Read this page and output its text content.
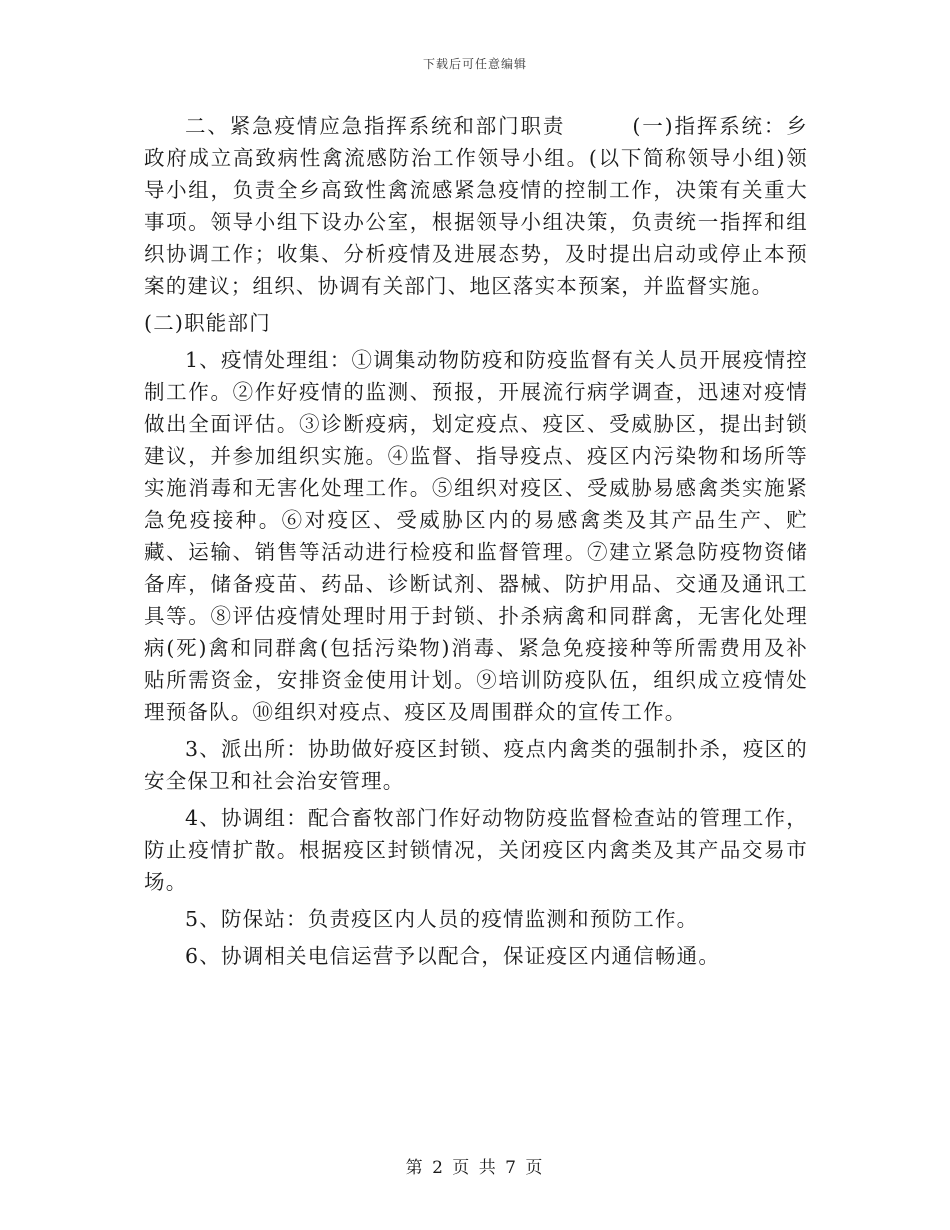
下载后可任意编辑

二、紧急疫情应急指挥系统和部门职责　　　(一)指挥系统：乡政府成立高致病性禽流感防治工作领导小组。(以下简称领导小组)领导小组，负责全乡高致性禽流感紧急疫情的控制工作，决策有关重大事项。领导小组下设办公室，根据领导小组决策，负责统一指挥和组织协调工作；收集、分析疫情及进展态势，及时提出启动或停止本预案的建议；组织、协调有关部门、地区落实本预案，并监督实施。

(二)职能部门

1、疫情处理组：①调集动物防疫和防疫监督有关人员开展疫情控制工作。②作好疫情的监测、预报，开展流行病学调查，迅速对疫情做出全面评估。③诊断疫病，划定疫点、疫区、受威胁区，提出封锁建议，并参加组织实施。④监督、指导疫点、疫区内污染物和场所等实施消毒和无害化处理工作。⑤组织对疫区、受威胁易感禽类实施紧急免疫接种。⑥对疫区、受威胁区内的易感禽类及其产品生产、贮藏、运输、销售等活动进行检疫和监督管理。⑦建立紧急防疫物资储备库，储备疫苗、药品、诊断试剂、器械、防护用品、交通及通讯工具等。⑧评估疫情处理时用于封锁、扑杀病禽和同群禽，无害化处理病(死)禽和同群禽(包括污染物)消毒、紧急免疫接种等所需费用及补贴所需资金，安排资金使用计划。⑨培训防疫队伍，组织成立疫情处理预备队。⑩组织对疫点、疫区及周围群众的宣传工作。

3、派出所：协助做好疫区封锁、疫点内禽类的强制扑杀，疫区的安全保卫和社会治安管理。

4、协调组：配合畜牧部门作好动物防疫监督检查站的管理工作，防止疫情扩散。根据疫区封锁情况，关闭疫区内禽类及其产品交易市场。

5、防保站：负责疫区内人员的疫情监测和预防工作。

6、协调相关电信运营予以配合，保证疫区内通信畅通。

第 2 页 共 7 页
